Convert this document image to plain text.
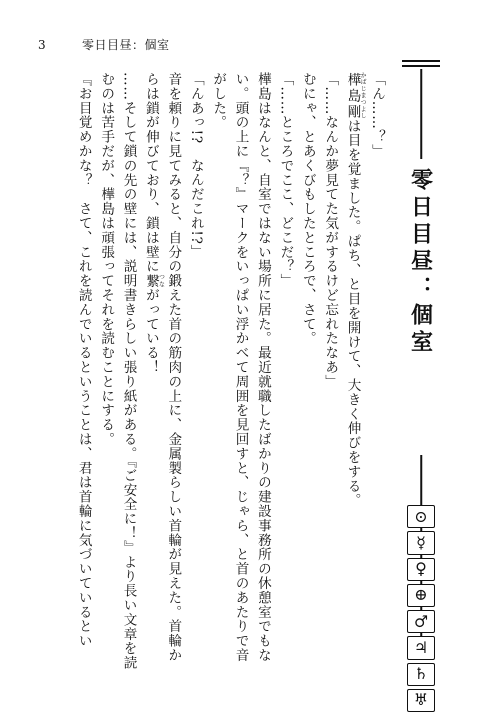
3	零日目昼：個室
零日目昼：個室
⊙
☿
♀
⊕
♂
♃
♄
♅

「ん……？」

樺島剛かばじまつよしは目を覚ました。ぱち、と目を開けて、大きく伸びをする。

「……なんか夢見てた気がするけど忘れたなあ」

むにゃ、とあくびもしたところで、さて。

「……ところでここ、どこだ？」

樺島はなんと、自室ではない場所に居た。最近就職したばかりの建設事務所の休憩室でもない。頭の上に『？』マークをいっぱい浮かべて周囲を見回すと、じゃら、と首のあたりで音がした。

「んあっ!?　なんだこれ!?」

音を頼りに見てみると、自分の鍛えた首の筋肉の上に、金属製らしい首輪が見えた。首輪からは鎖が伸びており、鎖は壁に繋つながっている！

……そして鎖の先の壁には、説明書きらしい張り紙がある。『ご安全に！』より長い文章を読むのは苦手だが、樺島は頑張ってそれを読むことにする。

『お目覚めかな？　さて、これを読んでいるということは、君は首輪に気づいているとい
